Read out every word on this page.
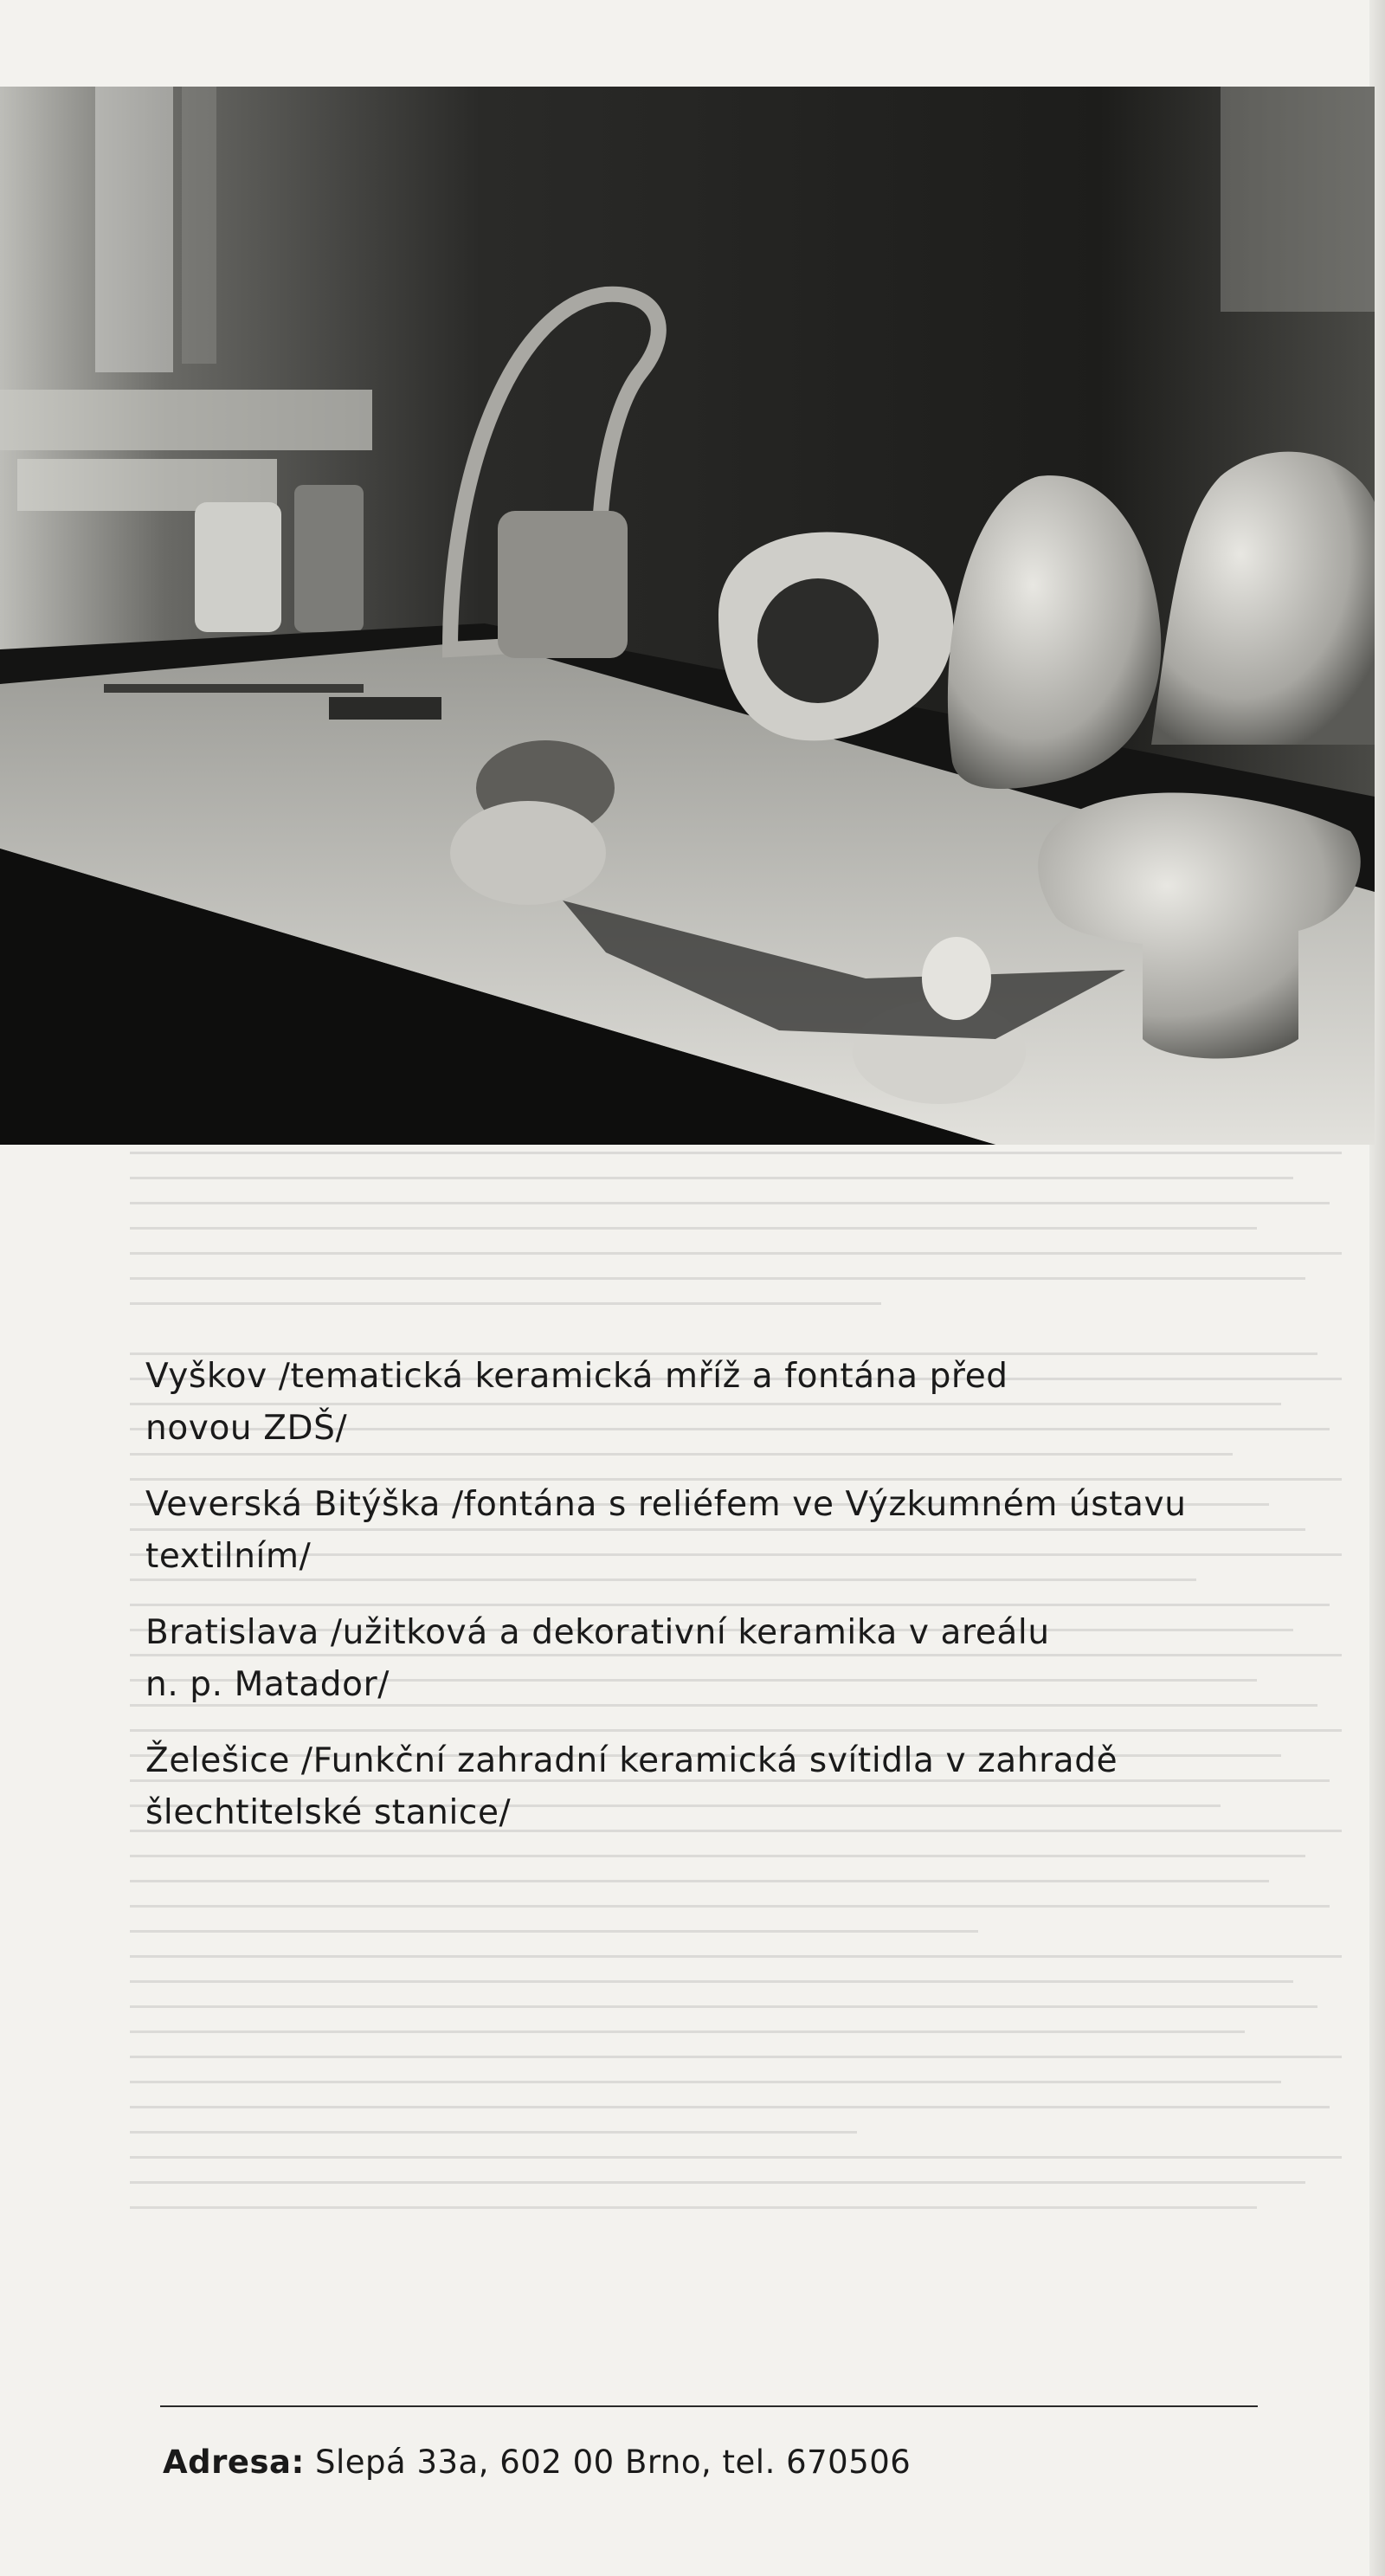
Vyškov /tematická keramická mříž a fontána před
novou ZDŠ/
Veverská Bitýška /fontána s reliéfem ve Výzkumném ústavu
textilním/
Bratislava /užitková a dekorativní keramika v areálu
n. p. Matador/
Želešice /Funkční zahradní keramická svítidla v zahradě
šlechtitelské stanice/
Adresa: Slepá 33a, 602 00 Brno, tel. 670506
